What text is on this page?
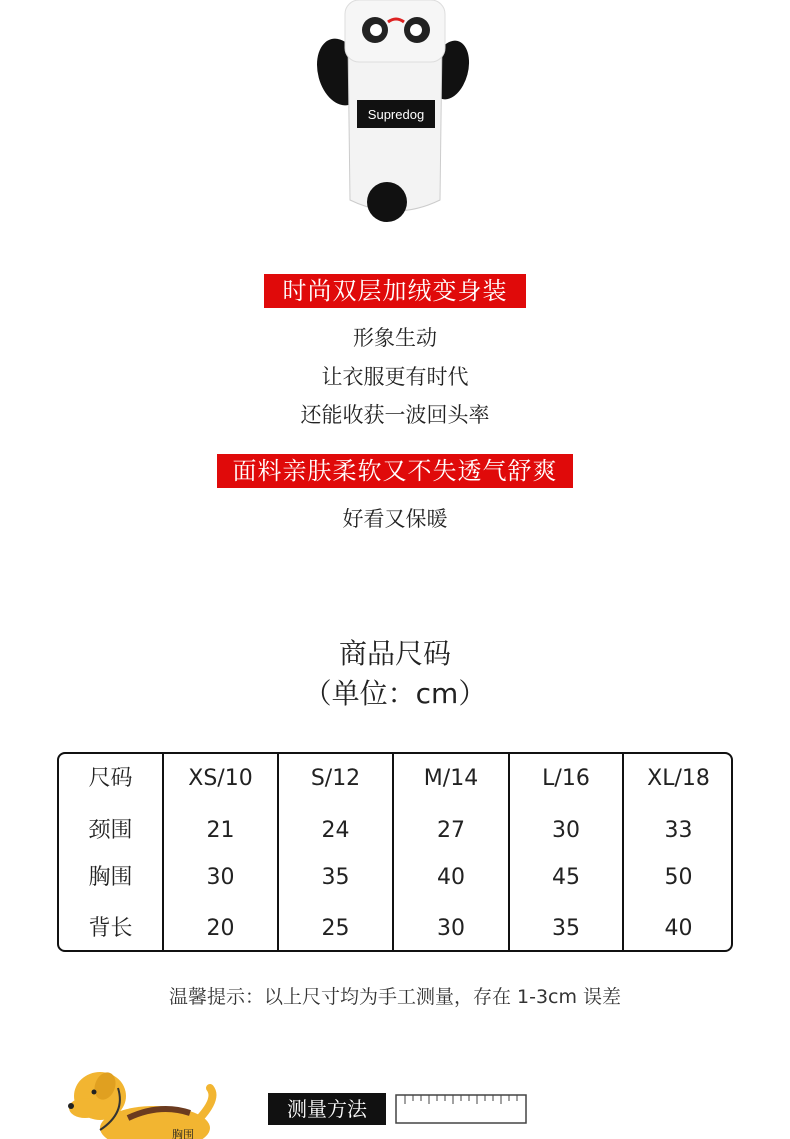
Supredog
时尚双层加绒变身装
形象生动
让衣服更有时代
还能收获一波回头率
面料亲肤柔软又不失透气舒爽
好看又保暖
商品尺码
（单位：cm）
尺码	XS/10	S/12	M/14	L/16	XL/18
颈围	21	24	27	30	33
胸围	30	35	40	45	50
背长	20	25	30	35	40
温馨提示：以上尺寸均为手工测量，存在 1-3cm 误差
胸围
测量方法
